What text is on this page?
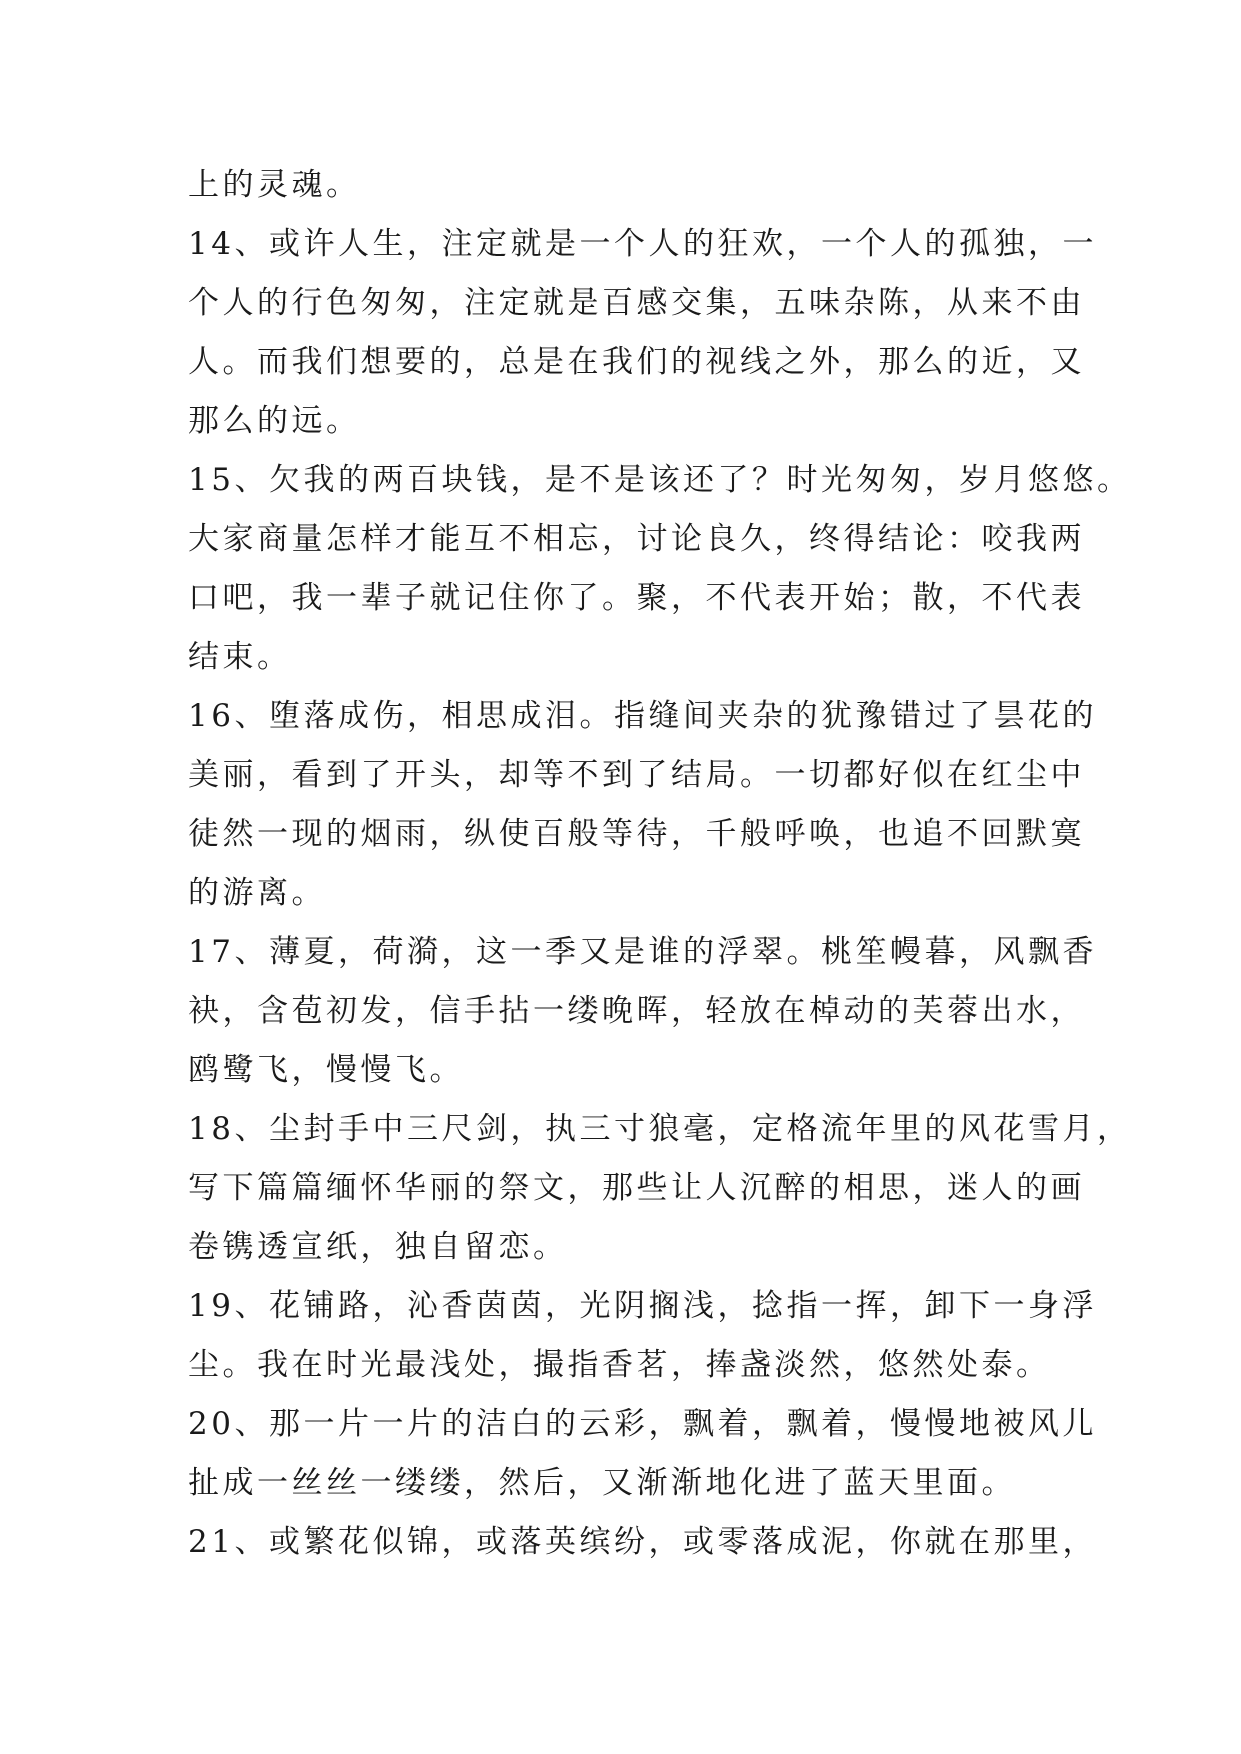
上的灵魂。
14、或许人生，注定就是一个人的狂欢，一个人的孤独，一
个人的行色匆匆，注定就是百感交集，五味杂陈，从来不由
人。而我们想要的，总是在我们的视线之外，那么的近，又
那么的远。
15、欠我的两百块钱，是不是该还了？时光匆匆，岁月悠悠。
大家商量怎样才能互不相忘，讨论良久，终得结论：咬我两
口吧，我一辈子就记住你了。聚，不代表开始；散，不代表
结束。
16、堕落成伤，相思成泪。指缝间夹杂的犹豫错过了昙花的
美丽，看到了开头，却等不到了结局。一切都好似在红尘中
徒然一现的烟雨，纵使百般等待，千般呼唤，也追不回默寞
的游离。
17、薄夏，荷漪，这一季又是谁的浮翠。桃笙幔暮，风飘香
袂，含苞初发，信手拈一缕晚晖，轻放在棹动的芙蓉出水，
鸥鹭飞，慢慢飞。
18、尘封手中三尺剑，执三寸狼毫，定格流年里的风花雪月，
写下篇篇缅怀华丽的祭文，那些让人沉醉的相思，迷人的画
卷镌透宣纸，独自留恋。
19、花铺路，沁香茵茵，光阴搁浅，捻指一挥，卸下一身浮
尘。我在时光最浅处，撮指香茗，捧盏淡然，悠然处泰。
20、那一片一片的洁白的云彩，飘着，飘着，慢慢地被风儿
扯成一丝丝一缕缕，然后，又渐渐地化进了蓝天里面。
21、或繁花似锦，或落英缤纷，或零落成泥，你就在那里，
